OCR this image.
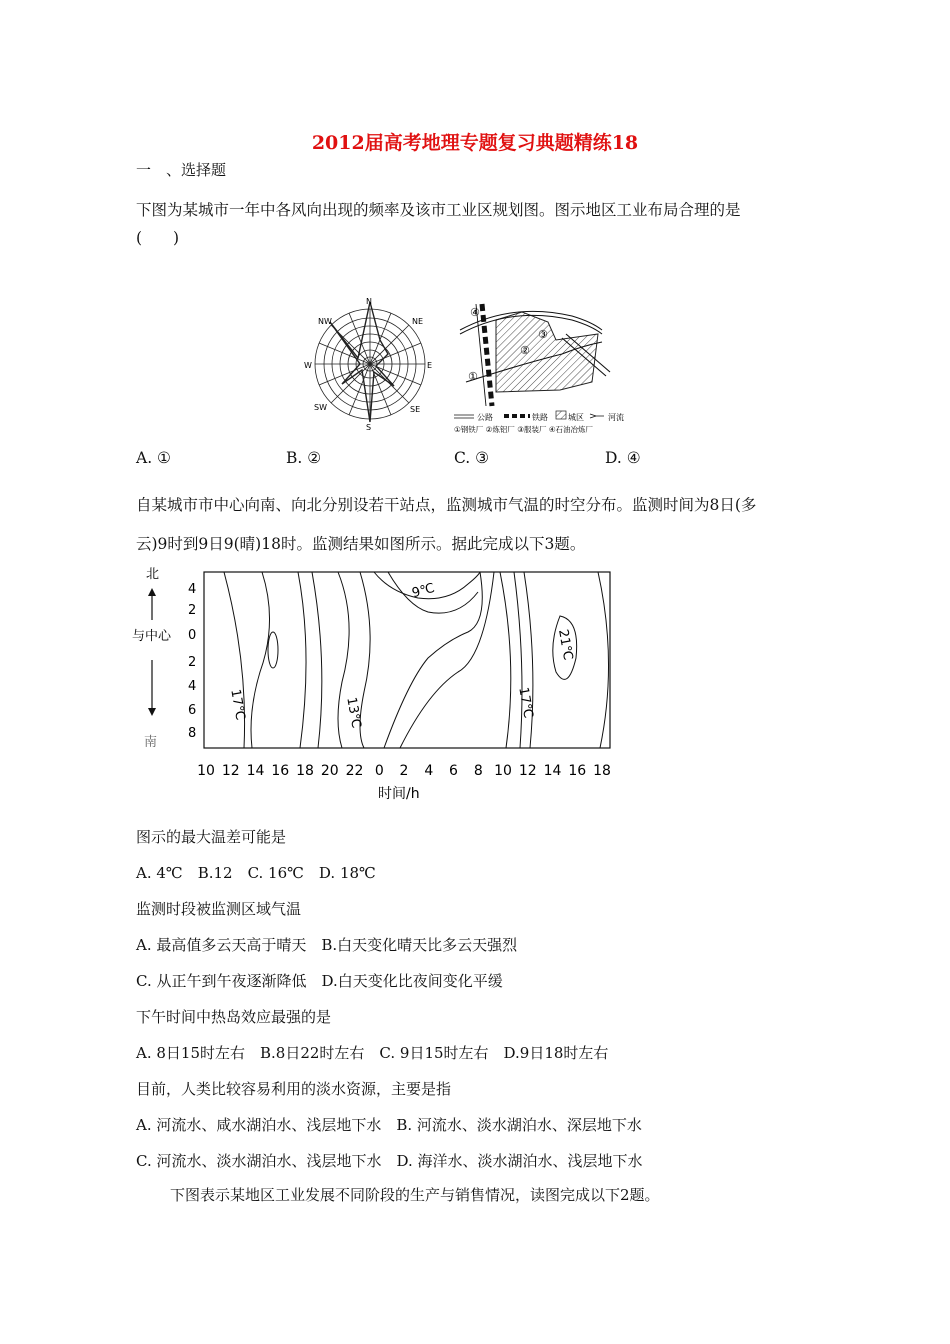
2012届高考地理专题复习典题精练18
一　、选择题
下图为某城市一年中各风向出现的频率及该市工业区规划图。图示地区工业布局合理的是
(　　)
N
NE
E
SE
S
SW
W
NW
④
③
②
①
公路	铁路	城区	河流
①钢铁厂 ②炼铝厂 ③服装厂 ④石油冶炼厂
A. ①	B. ②	C. ③	D. ④
自某城市市中心向南、向北分别设若干站点，监测城市气温的时空分布。监测时间为8日(多
云)9时到9日9(晴)18时。监测结果如图所示。据此完成以下3题。
17℃	13℃
9℃
17℃
21℃
北
与中心
南
4
2
0
2
4
6
8
10 12 14 16 18 20 22 0 2 4 6 8 10 12 14 16 18
时间/h
图示的最大温差可能是
A. 4℃　B.12　C. 16℃　D. 18℃
监测时段被监测区域气温
A. 最高值多云天高于晴天　B.白天变化晴天比多云天强烈
C. 从正午到午夜逐渐降低　D.白天变化比夜间变化平缓
下午时间中热岛效应最强的是
A. 8日15时左右　B.8日22时左右　C. 9日15时左右　D.9日18时左右
目前，人类比较容易利用的淡水资源，主要是指
A. 河流水、咸水湖泊水、浅层地下水　B. 河流水、淡水湖泊水、深层地下水
C. 河流水、淡水湖泊水、浅层地下水　D. 海洋水、淡水湖泊水、浅层地下水
下图表示某地区工业发展不同阶段的生产与销售情况，读图完成以下2题。
